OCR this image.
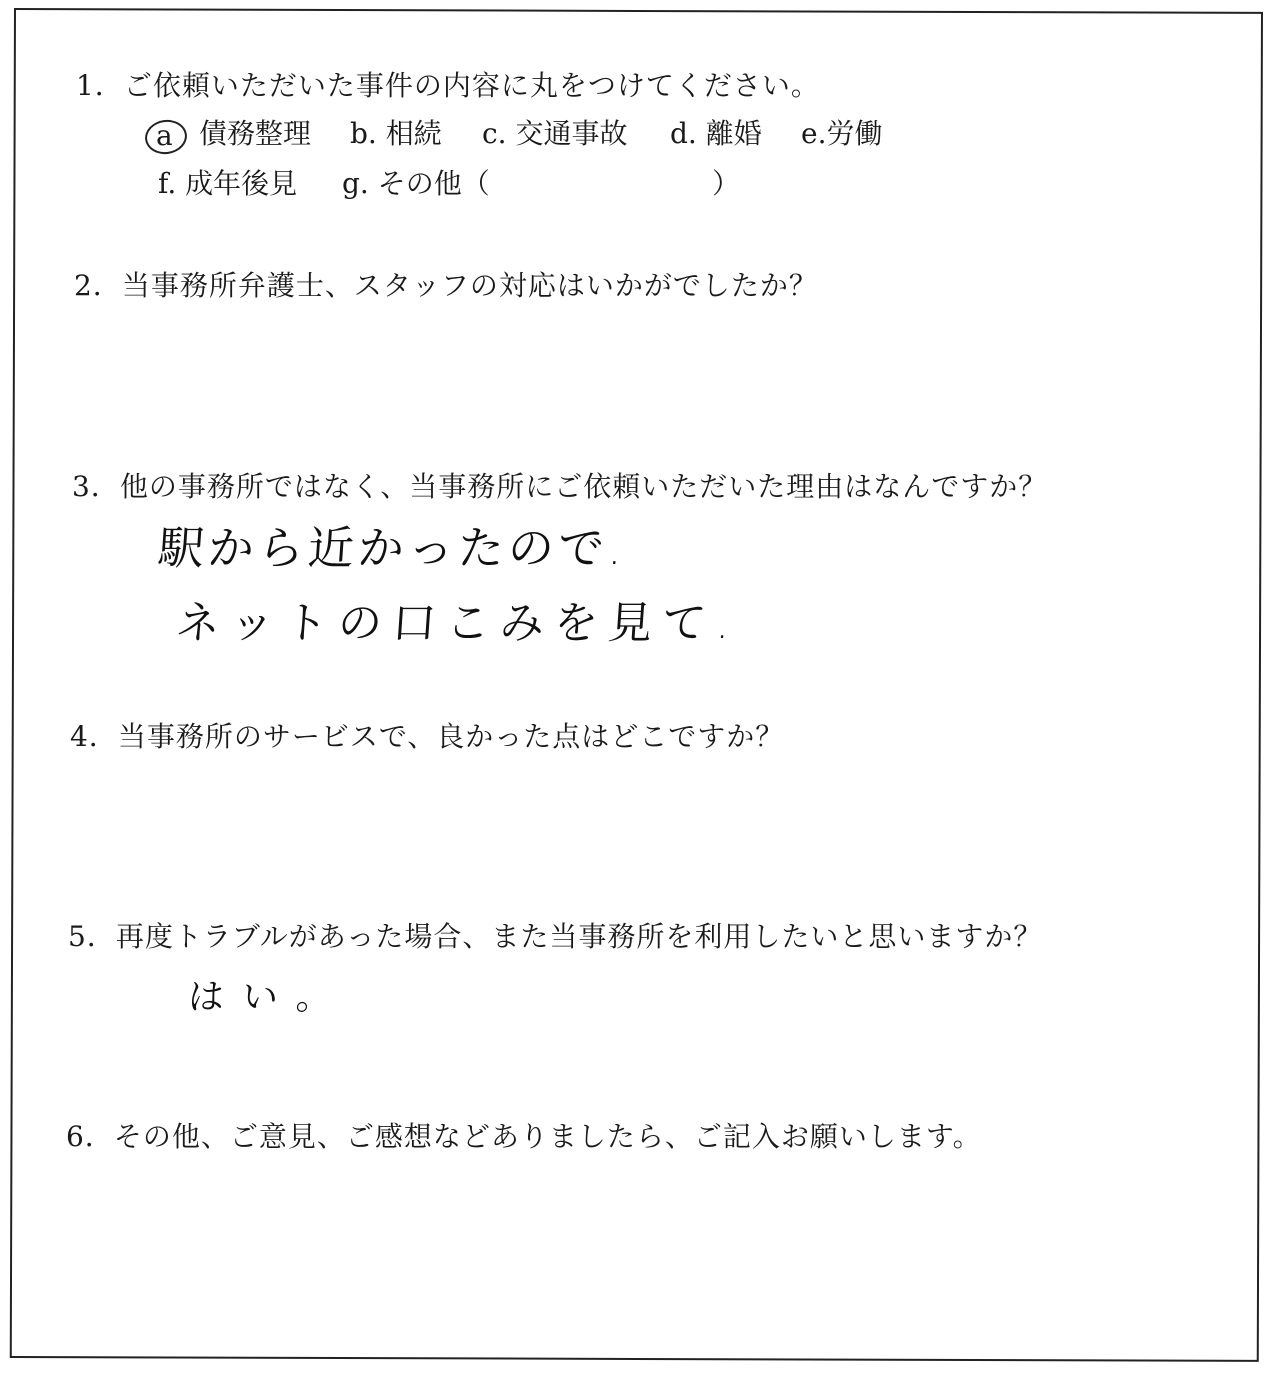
1．ご依頼いただいた事件の内容に丸をつけてください。
a 債務整理 b. 相続 c. 交通事故 d. 離婚 e.労働
f. 成年後見 g. その他（	）
2．当事務所弁護士、スタッフの対応はいかがでしたか？
3．他の事務所ではなく、当事務所にご依頼いただいた理由はなんですか？
駅から近かったので.
ネットの口こみを見て.
4．当事務所のサービスで、良かった点はどこですか？
5．再度トラブルがあった場合、また当事務所を利用したいと思いますか？
はい。
6．その他、ご意見、ご感想などありましたら、ご記入お願いします。
